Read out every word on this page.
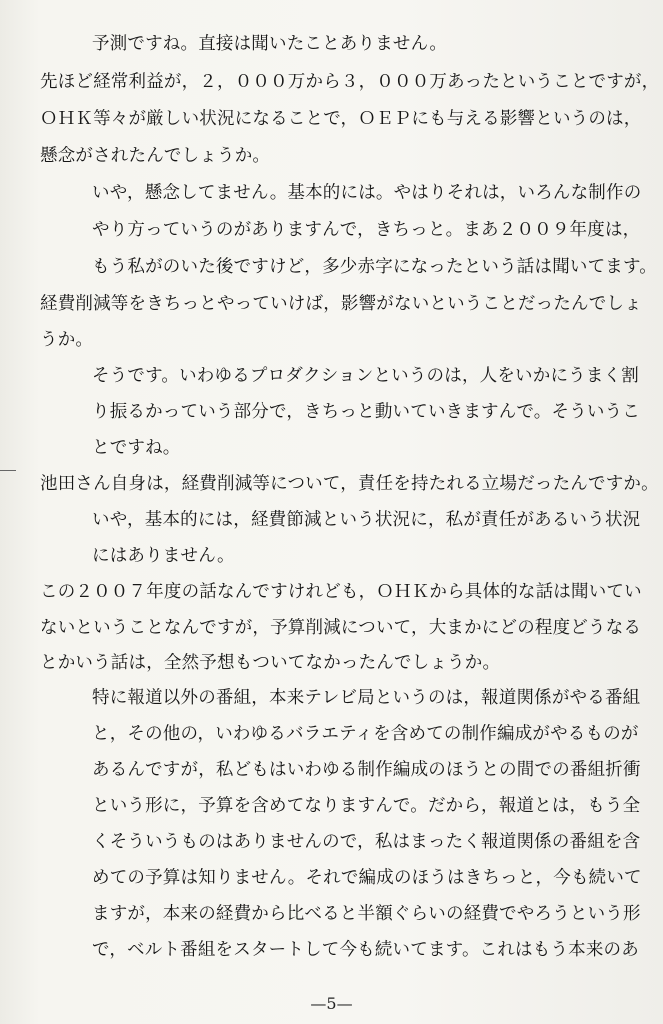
予測ですね。直接は聞いたことありません。
先ほど経常利益が，２，０００万から３，０００万あったということですが，
ＯＨＫ等々が厳しい状況になることで，ＯＥＰにも与える影響というのは，
懸念がされたんでしょうか。
いや，懸念してません。基本的には。やはりそれは，いろんな制作の
やり方っていうのがありますんで，きちっと。まあ２００９年度は，
もう私がのいた後ですけど，多少赤字になったという話は聞いてます。
経費削減等をきちっとやっていけば，影響がないということだったんでしょ
うか。
そうです。いわゆるプロダクションというのは，人をいかにうまく割
り振るかっていう部分で，きちっと動いていきますんで。そういうこ
とですね。
池田さん自身は，経費削減等について，責任を持たれる立場だったんですか。
いや，基本的には，経費節減という状況に，私が責任があるいう状況
にはありません。
この２００７年度の話なんですけれども，ＯＨＫから具体的な話は聞いてい
ないということなんですが，予算削減について，大まかにどの程度どうなる
とかいう話は，全然予想もついてなかったんでしょうか。
特に報道以外の番組，本来テレビ局というのは，報道関係がやる番組
と，その他の，いわゆるバラエティを含めての制作編成がやるものが
あるんですが，私どもはいわゆる制作編成のほうとの間での番組折衝
という形に，予算を含めてなりますんで。だから，報道とは，もう全
くそういうものはありませんので，私はまったく報道関係の番組を含
めての予算は知りません。それで編成のほうはきちっと，今も続いて
ますが，本来の経費から比べると半額ぐらいの経費でやろうという形
で，ベルト番組をスタートして今も続いてます。これはもう本来のあ
—5—
